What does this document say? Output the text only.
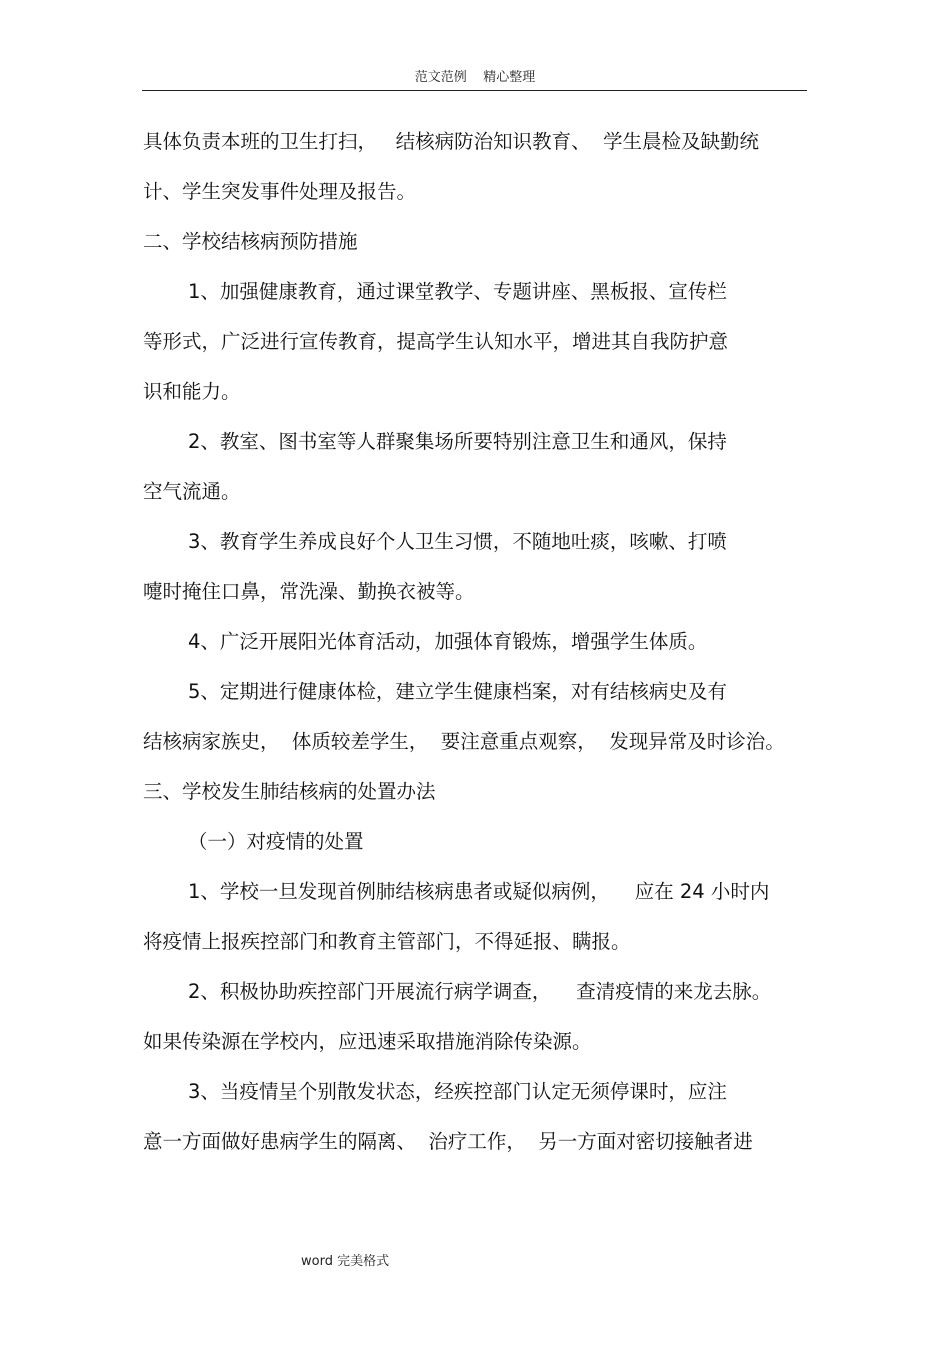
范文范例    精心整理

具体负责本班的卫生打扫，   结核病防治知识教育、  学生晨检及缺勤统

计、学生突发事件处理及报告。

二、学校结核病预防措施

1、加强健康教育，通过课堂教学、专题讲座、黑板报、宣传栏

等形式，广泛进行宣传教育，提高学生认知水平，增进其自我防护意

识和能力。

2、教室、图书室等人群聚集场所要特别注意卫生和通风，保持

空气流通。

3、教育学生养成良好个人卫生习惯，不随地吐痰，咳嗽、打喷

嚏时掩住口鼻，常洗澡、勤换衣被等。

4、广泛开展阳光体育活动，加强体育锻炼，增强学生体质。

5、定期进行健康体检，建立学生健康档案，对有结核病史及有

结核病家族史，  体质较差学生，  要注意重点观察，  发现异常及时诊治。

三、学校发生肺结核病的处置办法

（一）对疫情的处置

1、学校一旦发现首例肺结核病患者或疑似病例，    应在 24 小时内

将疫情上报疾控部门和教育主管部门，不得延报、瞒报。

2、积极协助疾控部门开展流行病学调查，    查清疫情的来龙去脉。

如果传染源在学校内，应迅速采取措施消除传染源。

3、当疫情呈个别散发状态，经疾控部门认定无须停课时，应注

意一方面做好患病学生的隔离、  治疗工作，  另一方面对密切接触者进

word 完美格式
